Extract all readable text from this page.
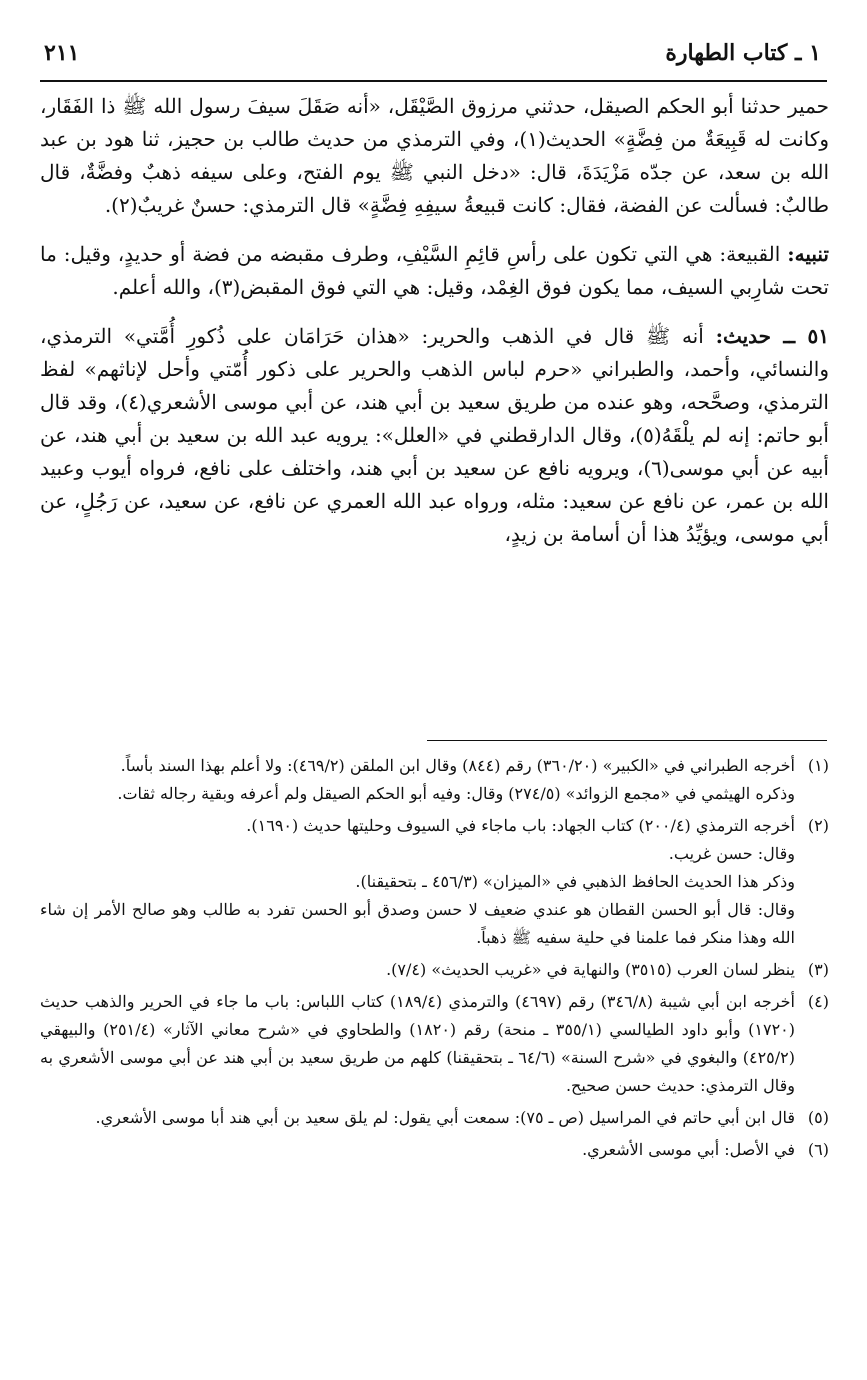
٢١١	١ ـ كتاب الطهارة

حمير حدثنا أبو الحكم الصيقل، حدثني مرزوق الصَّيْقَل، «أنه صَقَلَ سيفَ رسول الله ﷺ ذا الفَقَار، وكانت له قَبِيعَةٌ من فِضَّةٍ» الحديث(١)، وفي الترمذي من حديث طالب بن حجيز، ثنا هود بن عبد الله بن سعد، عن جدّه مَزْيَدَةَ، قال: «دخل النبي ﷺ يوم الفتح، وعلى سيفه ذهبٌ وفضَّةٌ، قال طالبٌ: فسألت عن الفضة، فقال: كانت قبيعةُ سيفِهِ فِضَّةٍ» قال الترمذي: حسنٌ غريبٌ(٢).

تنبيه: القبيعة: هي التي تكون على رأسِ قائِمِ السَّيْفِ، وطرف مقبضه من فضة أو حديدٍ، وقيل: ما تحت شارِبي السيف، مما يكون فوق الغِمْد، وقيل: هي التي فوق المقبض(٣)، والله أعلم.

٥١ ــ حديث: أنه ﷺ قال في الذهب والحرير: «هذان حَرَامَان على ذُكورِ أُمَّتي» الترمذي، والنسائي، وأحمد، والطبراني «حرم لباس الذهب والحرير على ذكور أُمّتي وأحل لإناثهم» لفظ الترمذي، وصحَّحه، وهو عنده من طريق سعيد بن أبي هند، عن أبي موسى الأشعري(٤)، وقد قال أبو حاتم: إنه لم يلْقَهُ(٥)، وقال الدارقطني في «العلل»: يرويه عبد الله بن سعيد بن أبي هند، عن أبيه عن أبي موسى(٦)، ويرويه نافع عن سعيد بن أبي هند، واختلف على نافع، فرواه أيوب وعبيد الله بن عمر، عن نافع عن سعيد: مثله، ورواه عبد الله العمري عن نافع، عن سعيد، عن رَجُلٍ، عن أبي موسى، ويؤيِّدُ هذا أن أسامة بن زيدٍ،

(١)
أخرجه الطبراني في «الكبير» (٣٦٠/٢٠) رقم (٨٤٤) وقال ابن الملقن (٤٦٩/٢): ولا أعلم بهذا السند بأساً.
وذكره الهيثمي في «مجمع الزوائد» (٢٧٤/٥) وقال: وفيه أبو الحكم الصيقل ولم أعرفه وبقية رجاله ثقات.
(٢)
أخرجه الترمذي (٢٠٠/٤) كتاب الجهاد: باب ماجاء في السيوف وحليتها حديث (١٦٩٠).
وقال: حسن غريب.
وذكر هذا الحديث الحافظ الذهبي في «الميزان» (٤٥٦/٣ ـ بتحقيقنا).
وقال: قال أبو الحسن القطان هو عندي ضعيف لا حسن وصدق أبو الحسن تفرد به طالب وهو صالح الأمر إن شاء الله وهذا منكر فما علمنا في حلية سفيه ﷺ ذهباً.
(٣)
ينظر لسان العرب (٣٥١٥) والنهاية في «غريب الحديث» (٧/٤).
(٤)
أخرجه ابن أبي شيبة (٣٤٦/٨) رقم (٤٦٩٧) والترمذي (١٨٩/٤) كتاب اللباس: باب ما جاء في الحرير والذهب حديث (١٧٢٠) وأبو داود الطيالسي (٣٥٥/١ ـ منحة) رقم (١٨٢٠) والطحاوي في «شرح معاني الآثار» (٢٥١/٤) والبيهقي (٤٢٥/٢) والبغوي في «شرح السنة» (٦٤/٦ ـ بتحقيقنا) كلهم من طريق سعيد بن أبي هند عن أبي موسى الأشعري به وقال الترمذي: حديث حسن صحيح.
(٥)
قال ابن أبي حاتم في المراسيل (ص ـ ٧٥): سمعت أبي يقول: لم يلق سعيد بن أبي هند أبا موسى الأشعري.
(٦)
في الأصل: أبي موسى الأشعري.
